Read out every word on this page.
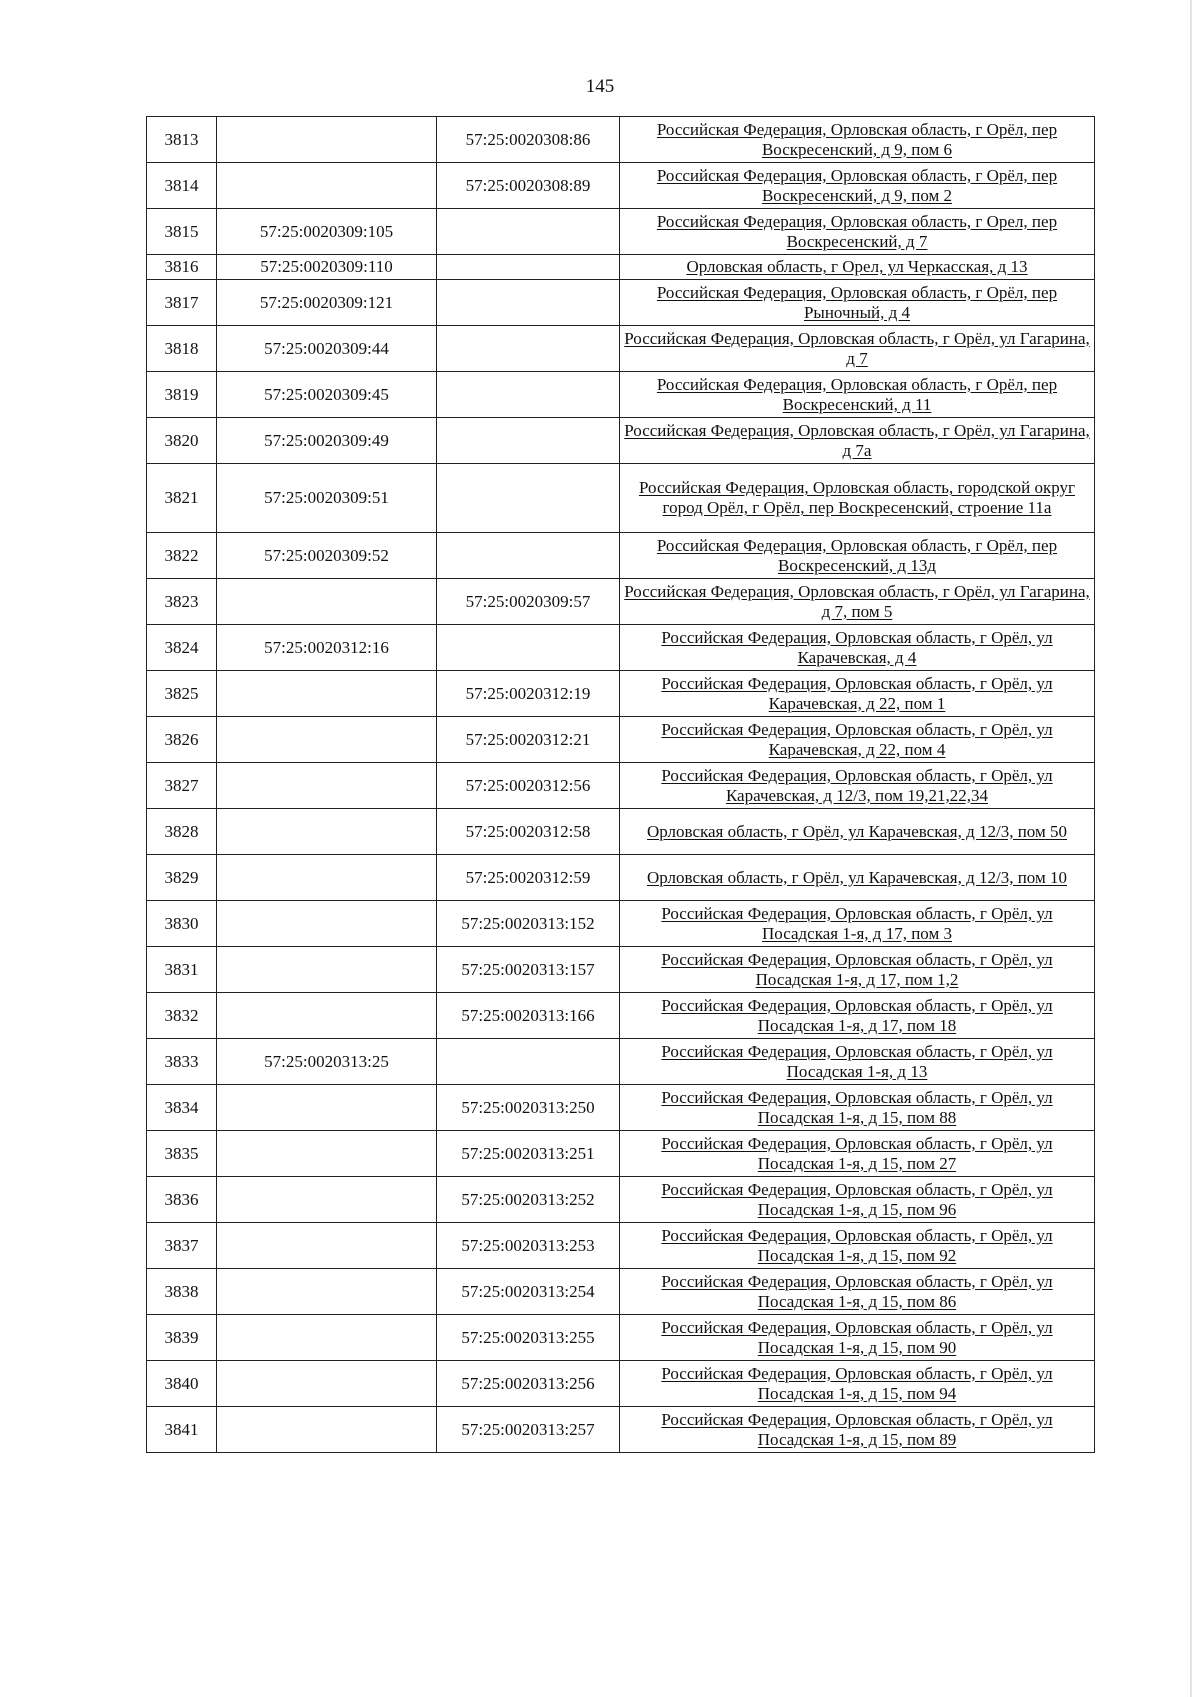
145
3813		57:25:0020308:86	Российская Федерация, Орловская область, г Орёл, пер Воскресенский, д 9, пом 6
3814		57:25:0020308:89	Российская Федерация, Орловская область, г Орёл, пер Воскресенский, д 9, пом 2
3815	57:25:0020309:105		Российская Федерация, Орловская область, г Орел, пер Воскресенский, д 7
3816	57:25:0020309:110		Орловская область, г Орел, ул Черкасская, д 13
3817	57:25:0020309:121		Российская Федерация, Орловская область, г Орёл, пер Рыночный, д 4
3818	57:25:0020309:44		Российская Федерация, Орловская область, г Орёл, ул Гагарина, д 7
3819	57:25:0020309:45		Российская Федерация, Орловская область, г Орёл, пер Воскресенский, д 11
3820	57:25:0020309:49		Российская Федерация, Орловская область, г Орёл, ул Гагарина, д 7а
3821	57:25:0020309:51		Российская Федерация, Орловская область, городской округ город Орёл, г Орёл, пер Воскресенский, строение 11а
3822	57:25:0020309:52		Российская Федерация, Орловская область, г Орёл, пер Воскресенский, д 13д
3823		57:25:0020309:57	Российская Федерация, Орловская область, г Орёл, ул Гагарина, д 7, пом 5
3824	57:25:0020312:16		Российская Федерация, Орловская область, г Орёл, ул Карачевская, д 4
3825		57:25:0020312:19	Российская Федерация, Орловская область, г Орёл, ул Карачевская, д 22, пом 1
3826		57:25:0020312:21	Российская Федерация, Орловская область, г Орёл, ул Карачевская, д 22, пом 4
3827		57:25:0020312:56	Российская Федерация, Орловская область, г Орёл, ул Карачевская, д 12/3, пом 19,21,22,34
3828		57:25:0020312:58	Орловская область, г Орёл, ул Карачевская, д 12/3, пом 50
3829		57:25:0020312:59	Орловская область, г Орёл, ул Карачевская, д 12/3, пом 10
3830		57:25:0020313:152	Российская Федерация, Орловская область, г Орёл, ул Посадская 1-я, д 17, пом 3
3831		57:25:0020313:157	Российская Федерация, Орловская область, г Орёл, ул Посадская 1-я, д 17, пом 1,2
3832		57:25:0020313:166	Российская Федерация, Орловская область, г Орёл, ул Посадская 1-я, д 17, пом 18
3833	57:25:0020313:25		Российская Федерация, Орловская область, г Орёл, ул Посадская 1-я, д 13
3834		57:25:0020313:250	Российская Федерация, Орловская область, г Орёл, ул Посадская 1-я, д 15, пом 88
3835		57:25:0020313:251	Российская Федерация, Орловская область, г Орёл, ул Посадская 1-я, д 15, пом 27
3836		57:25:0020313:252	Российская Федерация, Орловская область, г Орёл, ул Посадская 1-я, д 15, пом 96
3837		57:25:0020313:253	Российская Федерация, Орловская область, г Орёл, ул Посадская 1-я, д 15, пом 92
3838		57:25:0020313:254	Российская Федерация, Орловская область, г Орёл, ул Посадская 1-я, д 15, пом 86
3839		57:25:0020313:255	Российская Федерация, Орловская область, г Орёл, ул Посадская 1-я, д 15, пом 90
3840		57:25:0020313:256	Российская Федерация, Орловская область, г Орёл, ул Посадская 1-я, д 15, пом 94
3841		57:25:0020313:257	Российская Федерация, Орловская область, г Орёл, ул Посадская 1-я, д 15, пом 89
